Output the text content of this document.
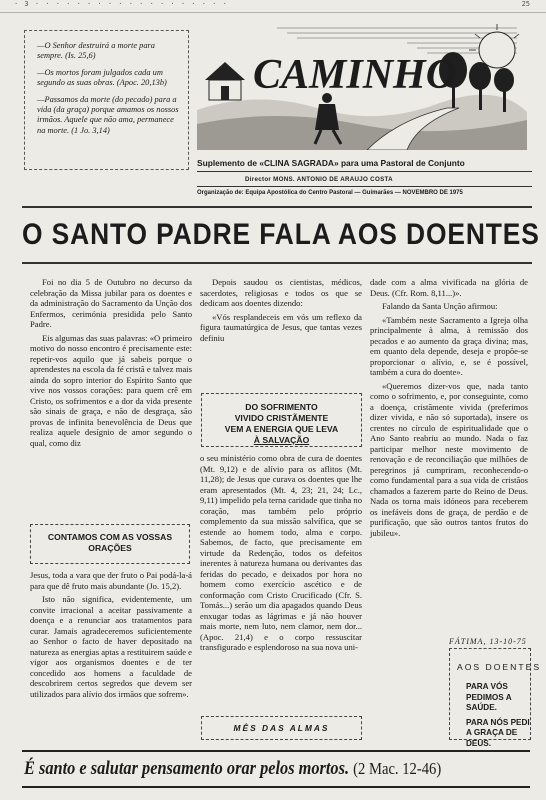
· 3 · · · · · · · · · · · · · · · · · · ·	25

—O Senhor destruirá a morte para sempre. (Is. 25,6)

—Os mortos foram julgados cada um segundo as suas obras. (Apoc. 20,13b)

—Passamos da morte (do pecado) para a vida (da graça) porque amamos os nossos irmãos. Aquele que não ama, permanece na morte. (1 Jo. 3,14)

CAMINHO
Suplemento de «CLINA SAGRADA» para uma Pastoral de Conjunto
Director MONS. ANTONIO DE ARAUJO COSTA
Organização de: Equipa Apostólica do Centro Pastoral — Guimarães — NOVEMBRO DE 1975
O SANTO PADRE FALA AOS DOENTES

Foi no dia 5 de Outubro no decurso da celebração da Missa jubilar para os doentes e da administração do Sacramento da Unção dos Enfermos, cerimónia presidida pelo Santo Padre.

Eis algumas das suas palavras: «O primeiro motivo do nosso encontro é precisamente este: repetir-vos aquilo que já sabeis porque o aprendestes na escola da fé cristã e talvez mais ainda do sopro interior do Espírito Santo que vive nos vossos corações: para quem crê em Cristo, os sofrimentos e a dor da vida presente são sinais de graça, e não de desgraça, são provas de infinita benevolência de Deus que realiza aquele desígnio de amor segundo o qual, como diz

CONTAMOS COM AS VOSSAS ORAÇÕES

Jesus, toda a vara que der fruto o Pai podá-la-á para que dê fruto mais abundante (Jo. 15,2).

Isto não significa, evidentemente, um convite irracional a aceitar passivamente a doença e a renunciar aos tratamentos para curar. Jamais agradeceremos suficientemente ao Senhor o facto de haver depositado na natureza as energias aptas a restituirem saúde e vigor aos organismos doentes e de ter concedido aos homens a faculdade de descobrirem certos segredos que devem ser utilizados para alívio dos irmãos que sofrem».

Depois saudou os cientistas, médicos, sacerdotes, religiosas e todos os que se dedicam aos doentes dizendo:

«Vós resplandeceis em vós um reflexo da figura taumatúrgica de Jesus, que tantas vezes definiu

DO SOFRIMENTO
VIVIDO CRISTÃMENTE
VEM A ENERGIA QUE LEVA
À SALVAÇÃO

o seu ministério como obra de cura de doentes (Mt. 9,12) e de alívio para os aflitos (Mt. 11,28); de Jesus que curava os doentes que lhe eram apresentados (Mt. 4, 23; 21, 24; Lc., 9,11) impelido pela terna caridade que tinha no coração, mas também pelo próprio complemento da sua missão salvífica, que se estende ao homem todo, alma e corpo. Sabemos, de facto, que precisamente em virtude da Redenção, todos os defeitos inerentes à natureza humana ou derivantes das feridas do pecado, e deixados por hora no homem como exercício ascético e de conformação com Cristo Crucificado (Cfr. S. Tomás...) serão um dia apagados quando Deus enxugar todas as lágrimas e já não houver mais morte, nem luto, nem clamor, nem dor... (Apoc. 21,4) e o corpo ressuscitar transfigurado e esplendoroso na sua nova uni-

MÊS DAS ALMAS

dade com a alma vivificada na glória de Deus. (Cfr. Rom. 8,11...)».

Falando da Santa Unção afirmou:

«Também neste Sacramento a Igreja olha principalmente à alma, à remissão dos pecados e ao aumento da graça divina; mas, em quanto dela depende, deseja e propõe-se proporcionar o alívio, e, se é possível, também a cura do doente».

«Queremos dizer-vos que, nada tanto como o sofrimento, e, por conseguinte, como a doença, cristãmente vivida (preferimos dizer vivida, e não só suportada), insere os crentes no círculo de espiritualidade que o Ano Santo reabriu ao mundo. Nada o faz participar melhor neste movimento de renovação e de reconciliação que milhões de peregrinos já cumpriram, reconhecendo-o como fundamental para a sua vida de cristãos chamados a fazerem parte do Reino de Deus. Nada os torna mais idóneos para receberem os inefáveis dons de graça, de perdão e de purificação, que são outros tantos frutos do jubileu».

FÁTIMA, 13-10-75
AOS DOENTES

PARA VÓS PEDIMOS A SAÚDE.

PARA NÓS PEDI A GRAÇA DE DEUS.

É santo e salutar pensamento orar pelos mortos. (2 Mac. 12-46)
